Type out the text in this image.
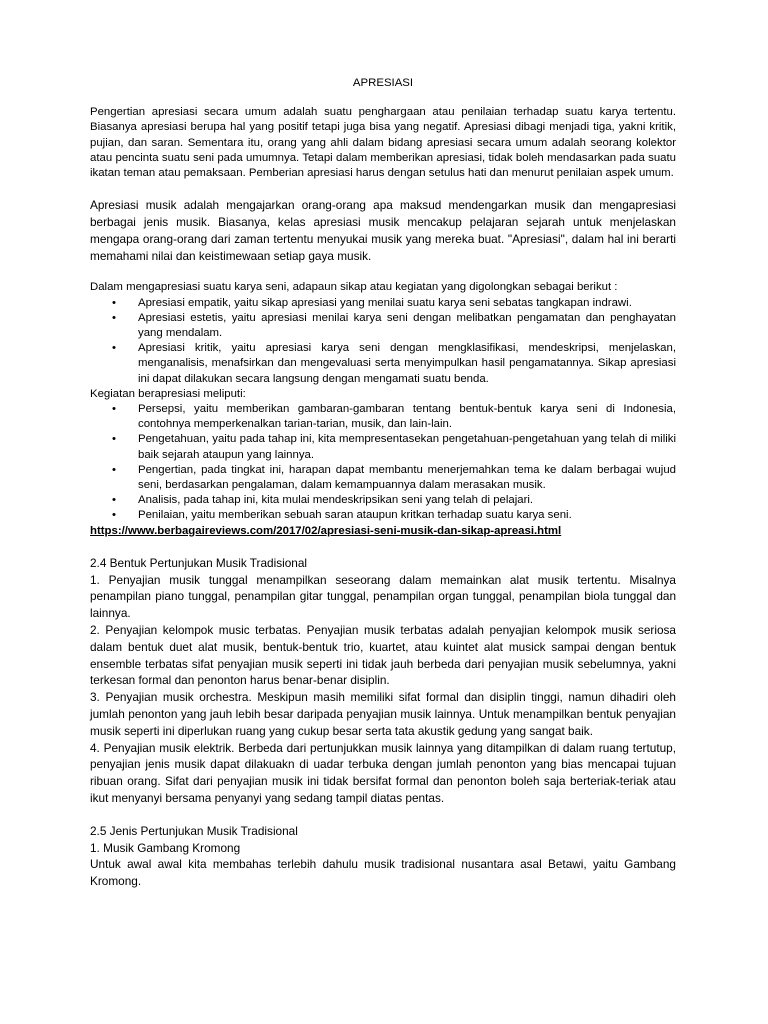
APRESIASI

Pengertian apresiasi secara umum adalah suatu penghargaan atau penilaian terhadap suatu karya tertentu. Biasanya apresiasi berupa hal yang positif tetapi juga bisa yang negatif. Apresiasi dibagi menjadi tiga, yakni kritik, pujian, dan saran. Sementara itu, orang yang ahli dalam bidang apresiasi secara umum adalah seorang kolektor atau pencinta suatu seni pada umumnya. Tetapi dalam memberikan apresiasi, tidak boleh mendasarkan pada suatu ikatan teman atau pemaksaan. Pemberian apresiasi harus dengan setulus hati dan menurut penilaian aspek umum.

Apresiasi musik adalah mengajarkan orang-orang apa maksud mendengarkan musik dan mengapresiasi berbagai jenis musik. Biasanya, kelas apresiasi musik mencakup pelajaran sejarah untuk menjelaskan mengapa orang-orang dari zaman tertentu menyukai musik yang mereka buat. "Apresiasi", dalam hal ini berarti memahami nilai dan keistimewaan setiap gaya musik.

Dalam mengapresiasi suatu karya seni, adapaun sikap atau kegiatan yang digolongkan sebagai berikut :

• Apresiasi empatik, yaitu sikap apresiasi yang menilai suatu karya seni sebatas tangkapan indrawi.
• Apresiasi estetis, yaitu apresiasi menilai karya seni dengan melibatkan pengamatan dan penghayatan yang mendalam.
• Apresiasi kritik, yaitu apresiasi karya seni dengan mengklasifikasi, mendeskripsi, menjelaskan, menganalisis, menafsirkan dan mengevaluasi serta menyimpulkan hasil pengamatannya. Sikap apresiasi ini dapat dilakukan secara langsung dengan mengamati suatu benda.

Kegiatan berapresiasi meliputi:

• Persepsi, yaitu memberikan gambaran-gambaran tentang bentuk-bentuk karya seni di Indonesia, contohnya memperkenalkan tarian-tarian, musik, dan lain-lain.
• Pengetahuan, yaitu pada tahap ini, kita mempresentasekan pengetahuan-pengetahuan yang telah di miliki baik sejarah ataupun yang lainnya.
• Pengertian, pada tingkat ini, harapan dapat membantu menerjemahkan tema ke dalam berbagai wujud seni, berdasarkan pengalaman, dalam kemampuannya dalam merasakan musik.
• Analisis, pada tahap ini, kita mulai mendeskripsikan seni yang telah di pelajari.
• Penilaian, yaitu memberikan sebuah saran ataupun kritkan terhadap suatu karya seni.

https://www.berbagaireviews.com/2017/02/apresiasi-seni-musik-dan-sikap-apreasi.html

2.4 Bentuk Pertunjukan Musik Tradisional

1. Penyajian musik tunggal menampilkan seseorang dalam memainkan alat musik tertentu. Misalnya penampilan piano tunggal, penampilan gitar tunggal, penampilan organ tunggal, penampilan biola tunggal dan lainnya.

2. Penyajian kelompok music terbatas. Penyajian musik terbatas adalah penyajian kelompok musik seriosa dalam bentuk duet alat musik, bentuk-bentuk trio, kuartet, atau kuintet alat musick sampai dengan bentuk ensemble terbatas sifat penyajian musik seperti ini tidak jauh berbeda dari penyajian musik sebelumnya, yakni terkesan formal dan penonton harus benar-benar disiplin.

3. Penyajian musik orchestra. Meskipun masih memiliki sifat formal dan disiplin tinggi, namun dihadiri oleh jumlah penonton yang jauh lebih besar daripada penyajian musik lainnya. Untuk menampilkan bentuk penyajian musik seperti ini diperlukan ruang yang cukup besar serta tata akustik gedung yang sangat baik.

4. Penyajian musik elektrik. Berbeda dari pertunjukkan musik lainnya yang ditampilkan di dalam ruang tertutup, penyajian jenis musik dapat dilakuakn di uadar terbuka dengan jumlah penonton yang bias mencapai tujuan ribuan orang. Sifat dari penyajian musik ini tidak bersifat formal dan penonton boleh saja berteriak-teriak atau ikut menyanyi bersama penyanyi yang sedang tampil diatas pentas.

2.5 Jenis Pertunjukan Musik Tradisional

1. Musik Gambang Kromong

Untuk awal awal kita membahas terlebih dahulu musik tradisional nusantara asal Betawi, yaitu Gambang Kromong.
